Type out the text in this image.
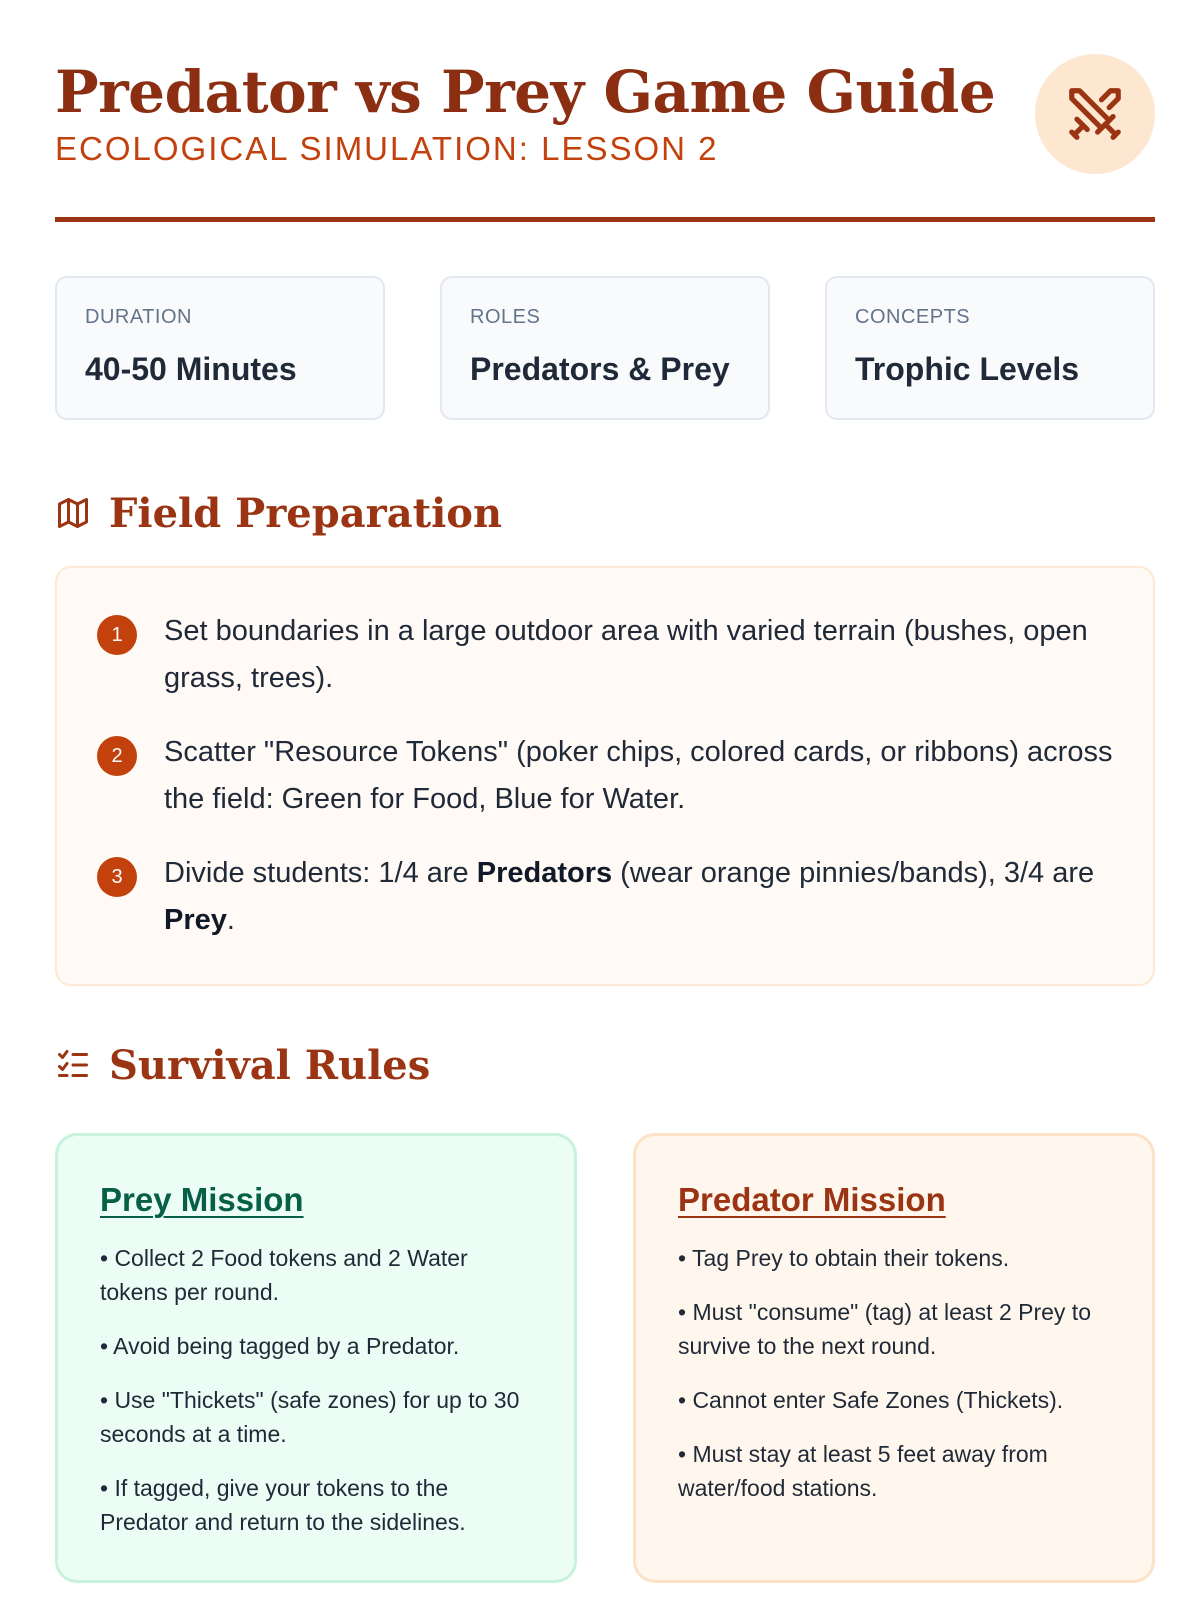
Predator vs Prey Game Guide
ECOLOGICAL SIMULATION: LESSON 2
DURATION
40-50 Minutes
ROLES
Predators & Prey
CONCEPTS
Trophic Levels
Field Preparation
1	Set boundaries in a large outdoor area with varied terrain (bushes, open grass, trees).
2	Scatter "Resource Tokens" (poker chips, colored cards, or ribbons) across the field: Green for Food, Blue for Water.
3	Divide students: 1/4 are Predators (wear orange pinnies/bands), 3/4 are Prey.
Survival Rules
Prey Mission
• Collect 2 Food tokens and 2 Water tokens per round.
• Avoid being tagged by a Predator.
• Use "Thickets" (safe zones) for up to 30 seconds at a time.
• If tagged, give your tokens to the Predator and return to the sidelines.
Predator Mission
• Tag Prey to obtain their tokens.
• Must "consume" (tag) at least 2 Prey to survive to the next round.
• Cannot enter Safe Zones (Thickets).
• Must stay at least 5 feet away from water/food stations.
